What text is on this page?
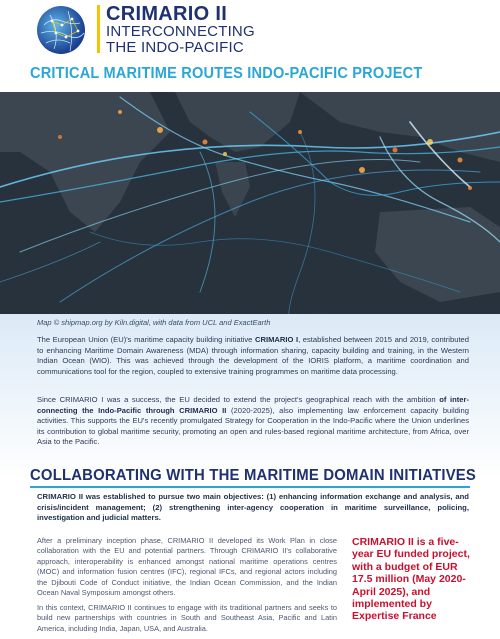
CRIMARIO II
INTERCONNECTING
THE INDO-PACIFIC
CRITICAL MARITIME ROUTES INDO-PACIFIC PROJECT
Map © shipmap.org by Kiln.digital, with data from UCL and ExactEarth

The European Union (EU)'s maritime capacity building initiative CRIMARIO I, established between 2015 and 2019, contributed to enhancing Maritime Domain Awareness (MDA) through information sharing, capacity building and training, in the Western Indian Ocean (WIO). This was achieved through the development of the IORIS platform, a maritime coordination and communications tool for the region, coupled to extensive training programmes on maritime data processing.

Since CRIMARIO I was a success, the EU decided to extend the project's geographical reach with the ambition of inter-connecting the Indo-Pacific through CRIMARIO II (2020-2025), also implementing law enforcement capacity building activities. This supports the EU's recently promulgated Strategy for Cooperation in the Indo-Pacific where the Union underlines its contribution to global maritime security, promoting an open and rules-based regional maritime architecture, from Africa, over Asia to the Pacific.

COLLABORATING WITH THE MARITIME DOMAIN INITIATIVES

CRIMARIO II was established to pursue two main objectives: (1) enhancing information exchange and analysis, and crisis/incident management; (2) strengthening inter-agency cooperation in maritime surveillance, policing, investigation and judicial matters.

After a preliminary inception phase, CRIMARIO II developed its Work Plan in close collaboration with the EU and potential partners. Through CRIMARIO II's collaborative approach, interoperability is enhanced amongst national maritime operations centres (MOC) and information fusion centres (IFC), regional IFCs, and regional actors including the Djibouti Code of Conduct initiative, the Indian Ocean Commission, and the Indian Ocean Naval Symposium amongst others.

In this context, CRIMARIO II continues to engage with its traditional partners and seeks to build new partnerships with countries in South and Southeast Asia, Pacific and Latin America, including India, Japan, USA, and Australia.

CRIMARIO II is a five-year EU funded project, with a budget of EUR 17.5 million (May 2020-April 2025), and implemented by Expertise France
